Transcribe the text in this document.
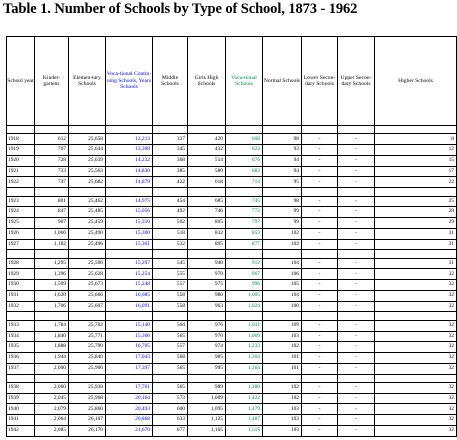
Table 1. Number of Schools by Type of School, 1873 - 1962
School year	Kinder-gartens	Elemen-tary Schools	Voca-tional Contin-uing Schools, Years Schools	Middle Schools	Girls High Schools	Voca-tional Schools	Normal Schools	Lower Secon-dary Schools	Upper Secon-dary Schools	Higher Schools

1918	612	25,658	12,213	337	420	608	98	-	-	8
1919	707	25,644	13,308	345	432	623	93	-	-	12
1920	728	25,639	14,232	368	514	676	94	-	-	15
1921	733	25,563	14,830	385	580	683	94	-	-	17
1922	747	25,682	14,879	422	618	714	95	-	-	22

1923	801	25,462	14,975	454	685	745	98	-	-	25
1924	847	25,485	15,056	492	746	772	99	-	-	28
1925	967	25,459	15,316	502	805	797	99	-	-	29
1926	1,066	25,490	15,300	518	832	853	102	-	-	31
1927	1,182	25,496	15,361	532	895	877	102	-	-	31

1928	1,295	25,506	15,297	545	940	912	104	-	-	31
1929	1,396	25,628	15,254	555	970	967	106	-	-	32
1930	1,509	25,673	15,248	557	975	996	105	-	-	32
1931	1,620	25,666	16,085	558	980	1,005	104	-	-	32
1932	1,706	25,607	16,091	558	963	1,024	100	-	-	32

1933	1,784	25,702	15,140	564	976	1,041	109	-	-	32
1934	1,840	25,771	15,306	565	970	1,069	103	-	-	32
1935	1,888	25,790	16,705	557	974	1,233	102	-	-	32
1936	1,944	25,840	17,043	568	985	1,304	101	-	-	32
1937	2,000	25,906	17,397	565	995	1,364	101	-	-	32

1938	2,060	25,938	17,761	565	989	1,380	102	-	-	32
1939	2,045	25,968	20,164	573	1,009	1,422	102	-	-	32
1940	2,079	25,860	20,493	600	1,095	1,479	103	-	-	32
1941	2,064	26,107	20,868	633	1,125	1,487	103	-	-	32
1942	2,085	26,170	21,670	677	1,165	1,515	103	-	-	32
